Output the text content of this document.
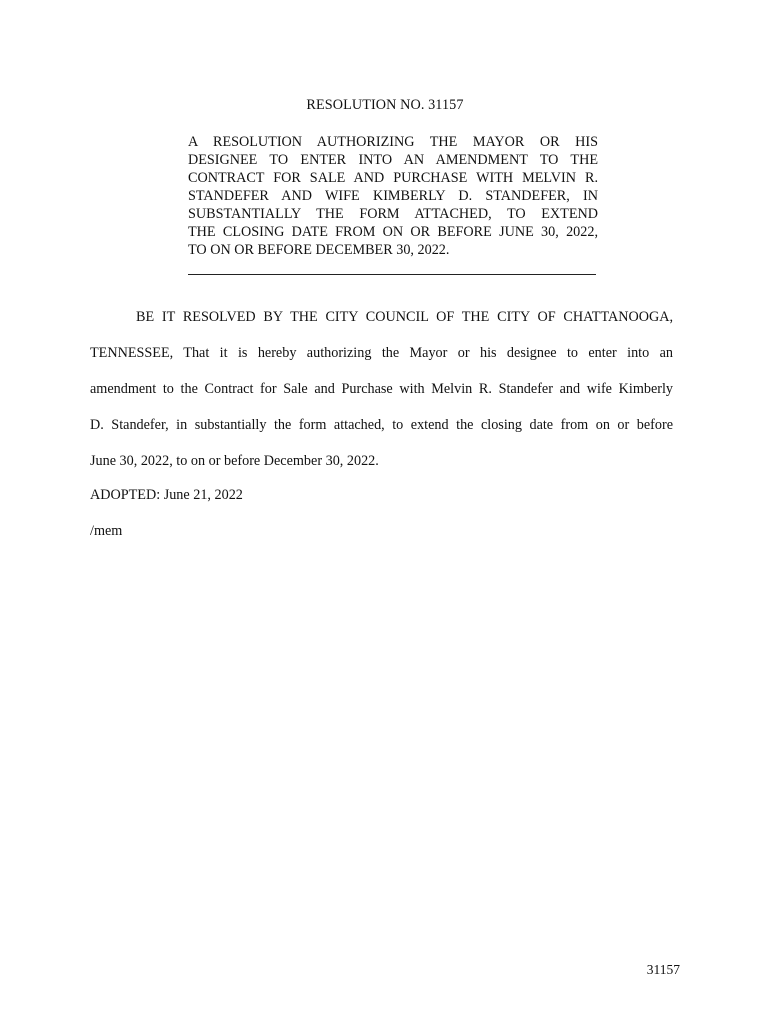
RESOLUTION NO. 31157
A RESOLUTION AUTHORIZING THE MAYOR OR HIS
DESIGNEE TO ENTER INTO AN AMENDMENT TO THE
CONTRACT FOR SALE AND PURCHASE WITH MELVIN R.
STANDEFER AND WIFE KIMBERLY D. STANDEFER, IN
SUBSTANTIALLY THE FORM ATTACHED, TO EXTEND
THE CLOSING DATE FROM ON OR BEFORE JUNE 30, 2022,
TO ON OR BEFORE DECEMBER 30, 2022.
BE IT RESOLVED BY THE CITY COUNCIL OF THE CITY OF CHATTANOOGA,
TENNESSEE, That it is hereby authorizing the Mayor or his designee to enter into an
amendment to the Contract for Sale and Purchase with Melvin R. Standefer and wife Kimberly
D. Standefer, in substantially the form attached, to extend the closing date from on or before
June 30, 2022, to on or before December 30, 2022.
ADOPTED: June 21, 2022
/mem
31157
